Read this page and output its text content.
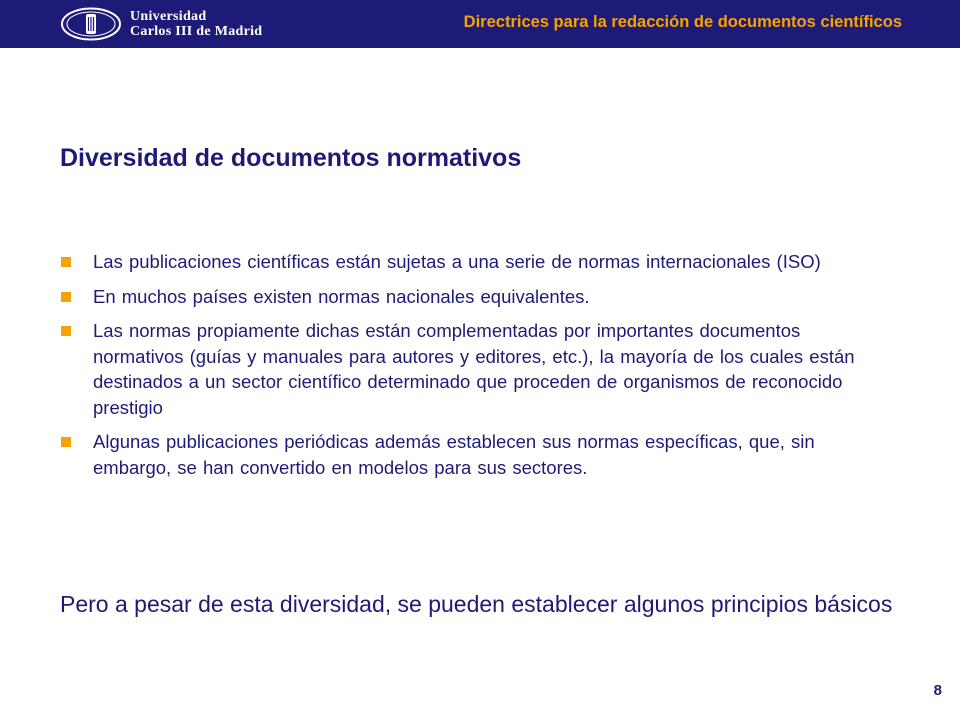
Universidad
Carlos III de Madrid
Directrices para la redacción de documentos científicos
Diversidad de documentos normativos
Las publicaciones científicas están sujetas a una serie de normas internacionales (ISO)
En muchos países existen normas nacionales equivalentes.
Las normas propiamente dichas están complementadas por importantes documentos normativos (guías y manuales para autores y editores, etc.), la mayoría de los cuales están destinados a un sector científico determinado que proceden de organismos de reconocido prestigio
Algunas publicaciones periódicas además establecen sus normas específicas, que, sin embargo, se han convertido en modelos para sus sectores.

Pero a pesar de esta diversidad, se pueden establecer algunos principios básicos

8
